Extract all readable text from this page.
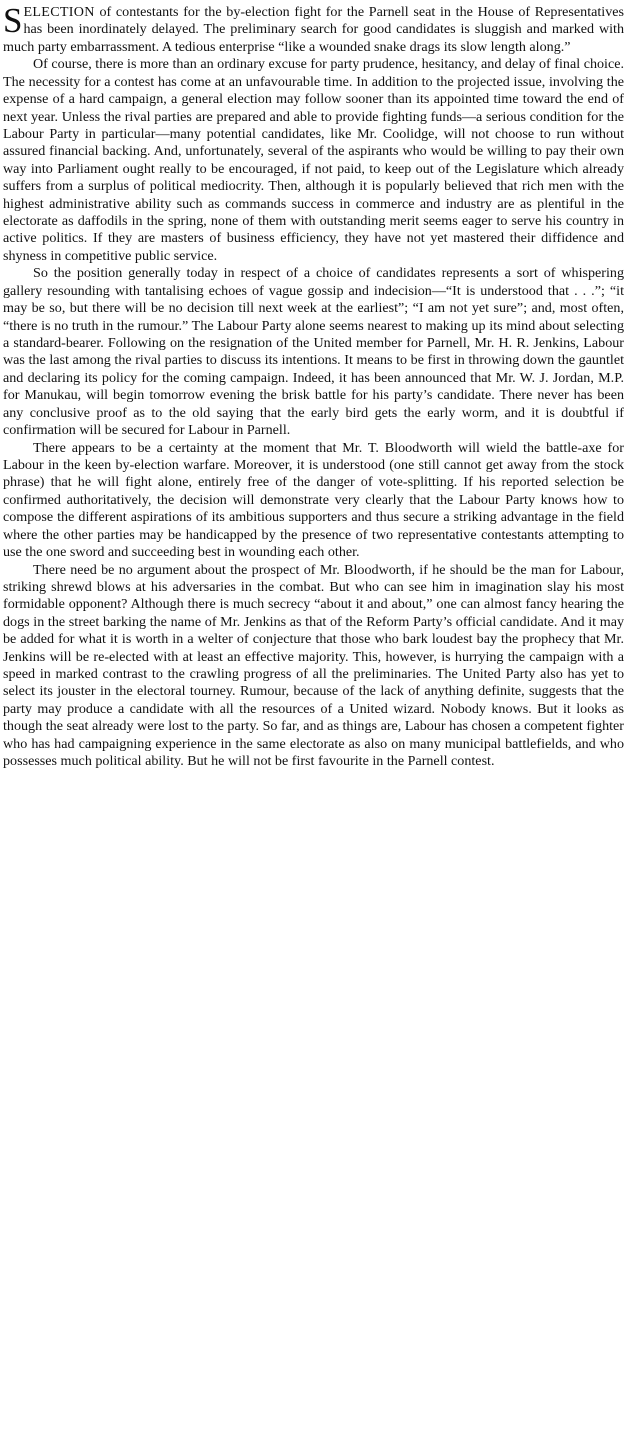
SELECTION of contestants for the by-election fight for the Parnell seat in the House of Representatives has been inordinately delayed. The preliminary search for good candidates is sluggish and marked with much party embarrassment. A tedious enterprise “like a wounded snake drags its slow length along.”

Of course, there is more than an ordinary excuse for party prudence, hesitancy, and delay of final choice. The necessity for a contest has come at an unfavourable time. In addition to the projected issue, involving the expense of a hard campaign, a general election may follow sooner than its appointed time toward the end of next year. Unless the rival parties are prepared and able to provide fighting funds—a serious condition for the Labour Party in particular—many potential candidates, like Mr. Coolidge, will not choose to run without assured financial backing. And, unfortunately, several of the aspirants who would be willing to pay their own way into Parliament ought really to be encouraged, if not paid, to keep out of the Legislature which already suffers from a surplus of political mediocrity. Then, although it is popularly believed that rich men with the highest administrative ability such as commands success in commerce and industry are as plentiful in the electorate as daffodils in the spring, none of them with outstanding merit seems eager to serve his country in active politics. If they are masters of business efficiency, they have not yet mastered their diffidence and shyness in competitive public service.

So the position generally today in respect of a choice of candidates represents a sort of whispering gallery resounding with tantalising echoes of vague gossip and indecision—“It is understood that . . .”; “it may be so, but there will be no decision till next week at the earliest”; “I am not yet sure”; and, most often, “there is no truth in the rumour.” The Labour Party alone seems nearest to making up its mind about selecting a standard-bearer. Following on the resignation of the United member for Parnell, Mr. H. R. Jenkins, Labour was the last among the rival parties to discuss its intentions. It means to be first in throwing down the gauntlet and declaring its policy for the coming campaign. Indeed, it has been announced that Mr. W. J. Jordan, M.P. for Manukau, will begin tomorrow evening the brisk battle for his party’s candidate. There never has been any conclusive proof as to the old saying that the early bird gets the early worm, and it is doubtful if confirmation will be secured for Labour in Parnell.

There appears to be a certainty at the moment that Mr. T. Bloodworth will wield the battle-axe for Labour in the keen by-election warfare. Moreover, it is understood (one still cannot get away from the stock phrase) that he will fight alone, entirely free of the danger of vote-splitting. If his reported selection be confirmed authoritatively, the decision will demonstrate very clearly that the Labour Party knows how to compose the different aspirations of its ambitious supporters and thus secure a striking advantage in the field where the other parties may be handicapped by the presence of two representative contestants attempting to use the one sword and succeeding best in wounding each other.

There need be no argument about the prospect of Mr. Bloodworth, if he should be the man for Labour, striking shrewd blows at his adversaries in the combat. But who can see him in imagination slay his most formidable opponent? Although there is much secrecy “about it and about,” one can almost fancy hearing the dogs in the street barking the name of Mr. Jenkins as that of the Reform Party’s official candidate. And it may be added for what it is worth in a welter of conjecture that those who bark loudest bay the prophecy that Mr. Jenkins will be re-elected with at least an effective majority. This, however, is hurrying the campaign with a speed in marked contrast to the crawling progress of all the preliminaries. The United Party also has yet to select its jouster in the electoral tourney. Rumour, because of the lack of anything definite, suggests that the party may produce a candidate with all the resources of a United wizard. Nobody knows. But it looks as though the seat already were lost to the party. So far, and as things are, Labour has chosen a competent fighter who has had campaigning experience in the same electorate as also on many municipal battlefields, and who possesses much political ability. But he will not be first favourite in the Parnell contest.
